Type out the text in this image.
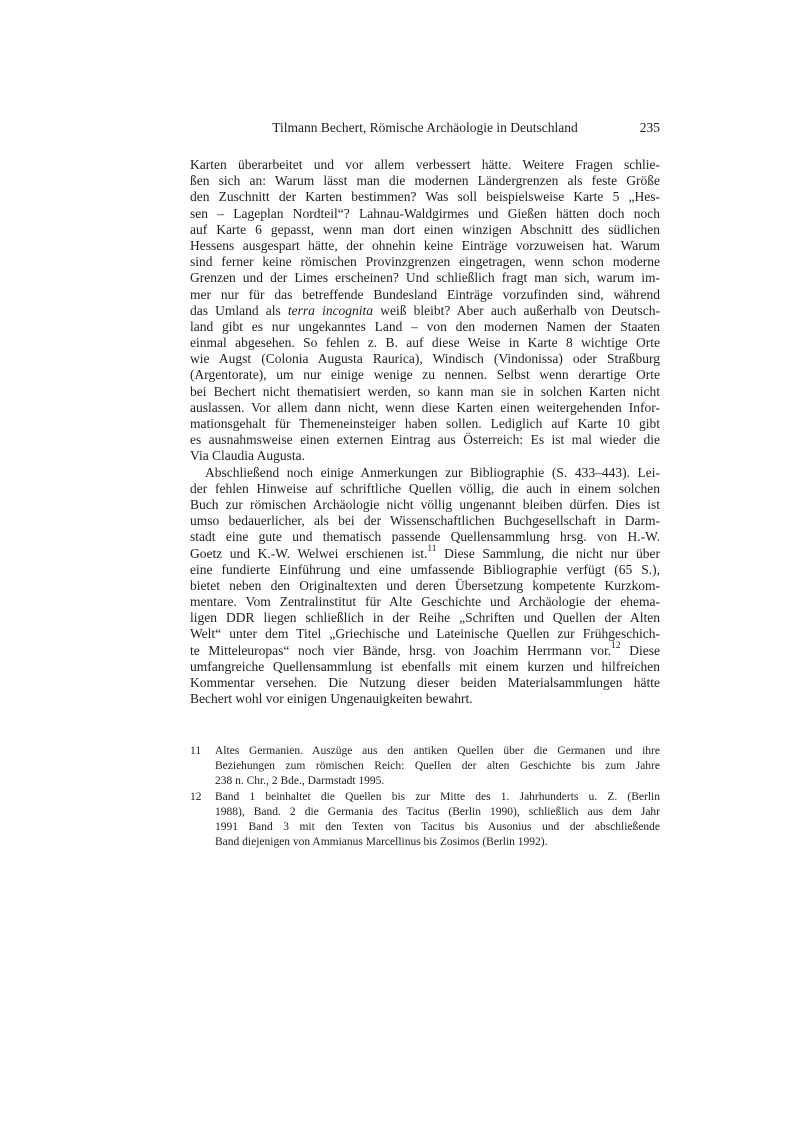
Tilmann Bechert, Römische Archäologie in Deutschland	235
Karten überarbeitet und vor allem verbessert hätte. Weitere Fragen schlie-
ßen sich an: Warum lässt man die modernen Ländergrenzen als feste Größe
den Zuschnitt der Karten bestimmen? Was soll beispielsweise Karte 5 „Hes-
sen – Lageplan Nordteil“? Lahnau-Waldgirmes und Gießen hätten doch noch
auf Karte 6 gepasst, wenn man dort einen winzigen Abschnitt des südlichen
Hessens ausgespart hätte, der ohnehin keine Einträge vorzuweisen hat. Warum
sind ferner keine römischen Provinzgrenzen eingetragen, wenn schon moderne
Grenzen und der Limes erscheinen? Und schließlich fragt man sich, warum im-
mer nur für das betreffende Bundesland Einträge vorzufinden sind, während
das Umland als terra incognita weiß bleibt? Aber auch außerhalb von Deutsch-
land gibt es nur ungekanntes Land – von den modernen Namen der Staaten
einmal abgesehen. So fehlen z. B. auf diese Weise in Karte 8 wichtige Orte
wie Augst (Colonia Augusta Raurica), Windisch (Vindonissa) oder Straßburg
(Argentorate), um nur einige wenige zu nennen. Selbst wenn derartige Orte
bei Bechert nicht thematisiert werden, so kann man sie in solchen Karten nicht
auslassen. Vor allem dann nicht, wenn diese Karten einen weitergehenden Infor-
mationsgehalt für Themeneinsteiger haben sollen. Lediglich auf Karte 10 gibt
es ausnahmsweise einen externen Eintrag aus Österreich: Es ist mal wieder die
Via Claudia Augusta.
Abschließend noch einige Anmerkungen zur Bibliographie (S. 433–443). Lei-
der fehlen Hinweise auf schriftliche Quellen völlig, die auch in einem solchen
Buch zur römischen Archäologie nicht völlig ungenannt bleiben dürfen. Dies ist
umso bedauerlicher, als bei der Wissenschaftlichen Buchgesellschaft in Darm-
stadt eine gute und thematisch passende Quellensammlung hrsg. von H.-W.
Goetz und K.-W. Welwei erschienen ist.$^{11}$ Diese Sammlung, die nicht nur über
eine fundierte Einführung und eine umfassende Bibliographie verfügt (65 S.),
bietet neben den Originaltexten und deren Übersetzung kompetente Kurzkom-
mentare. Vom Zentralinstitut für Alte Geschichte und Archäologie der ehema-
ligen DDR liegen schließlich in der Reihe „Schriften und Quellen der Alten
Welt“ unter dem Titel „Griechische und Lateinische Quellen zur Frühgeschich-
te Mitteleuropas“ noch vier Bände, hrsg. von Joachim Herrmann vor.$^{12}$ Diese
umfangreiche Quellensammlung ist ebenfalls mit einem kurzen und hilfreichen
Kommentar versehen. Die Nutzung dieser beiden Materialsammlungen hätte
Bechert wohl vor einigen Ungenauigkeiten bewahrt.
11	Altes Germanien. Auszüge aus den antiken Quellen über die Germanen und ihre
Beziehungen zum römischen Reich: Quellen der alten Geschichte bis zum Jahre
238 n. Chr., 2 Bde., Darmstadt 1995.
12	Band 1 beinhaltet die Quellen bis zur Mitte des 1. Jahrhunderts u. Z. (Berlin
1988), Band. 2 die Germania des Tacitus (Berlin 1990), schließlich aus dem Jahr
1991 Band 3 mit den Texten von Tacitus bis Ausonius und der abschließende
Band diejenigen von Ammianus Marcellinus bis Zosimos (Berlin 1992).
